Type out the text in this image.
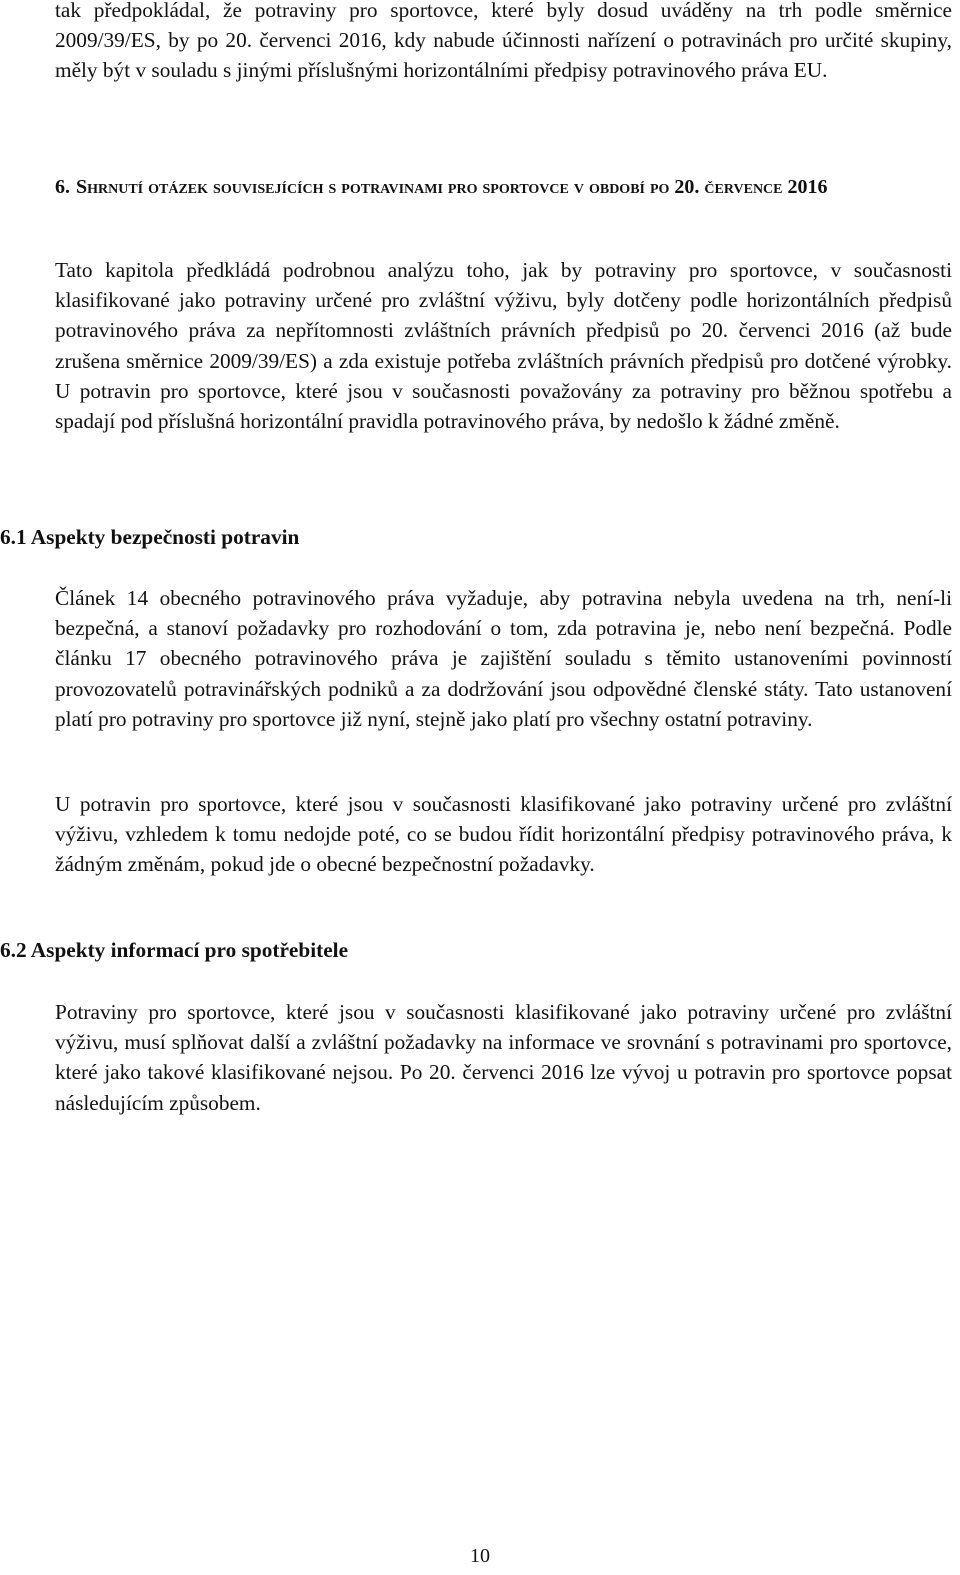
tak předpokládal, že potraviny pro sportovce, které byly dosud uváděny na trh podle směrnice 2009/39/ES, by po 20. červenci 2016, kdy nabude účinnosti nařízení o potravinách pro určité skupiny, měly být v souladu s jinými příslušnými horizontálními předpisy potravinového práva EU.

6. Shrnutí otázek souvisejících s potravinami pro sportovce v období po 20. července 2016

Tato kapitola předkládá podrobnou analýzu toho, jak by potraviny pro sportovce, v současnosti klasifikované jako potraviny určené pro zvláštní výživu, byly dotčeny podle horizontálních předpisů potravinového práva za nepřítomnosti zvláštních právních předpisů po 20. červenci 2016 (až bude zrušena směrnice 2009/39/ES) a zda existuje potřeba zvláštních právních předpisů pro dotčené výrobky. U potravin pro sportovce, které jsou v současnosti považovány za potraviny pro běžnou spotřebu a spadají pod příslušná horizontální pravidla potravinového práva, by nedošlo k žádné změně.

6.1 Aspekty bezpečnosti potravin

Článek 14 obecného potravinového práva vyžaduje, aby potravina nebyla uvedena na trh, není-li bezpečná, a stanoví požadavky pro rozhodování o tom, zda potravina je, nebo není bezpečná. Podle článku 17 obecného potravinového práva je zajištění souladu s těmito ustanoveními povinností provozovatelů potravinářských podniků a za dodržování jsou odpovědné členské státy. Tato ustanovení platí pro potraviny pro sportovce již nyní, stejně jako platí pro všechny ostatní potraviny.

U potravin pro sportovce, které jsou v současnosti klasifikované jako potraviny určené pro zvláštní výživu, vzhledem k tomu nedojde poté, co se budou řídit horizontální předpisy potravinového práva, k žádným změnám, pokud jde o obecné bezpečnostní požadavky.

6.2 Aspekty informací pro spotřebitele

Potraviny pro sportovce, které jsou v současnosti klasifikované jako potraviny určené pro zvláštní výživu, musí splňovat další a zvláštní požadavky na informace ve srovnání s potravinami pro sportovce, které jako takové klasifikované nejsou. Po 20. červenci 2016 lze vývoj u potravin pro sportovce popsat následujícím způsobem.

10
